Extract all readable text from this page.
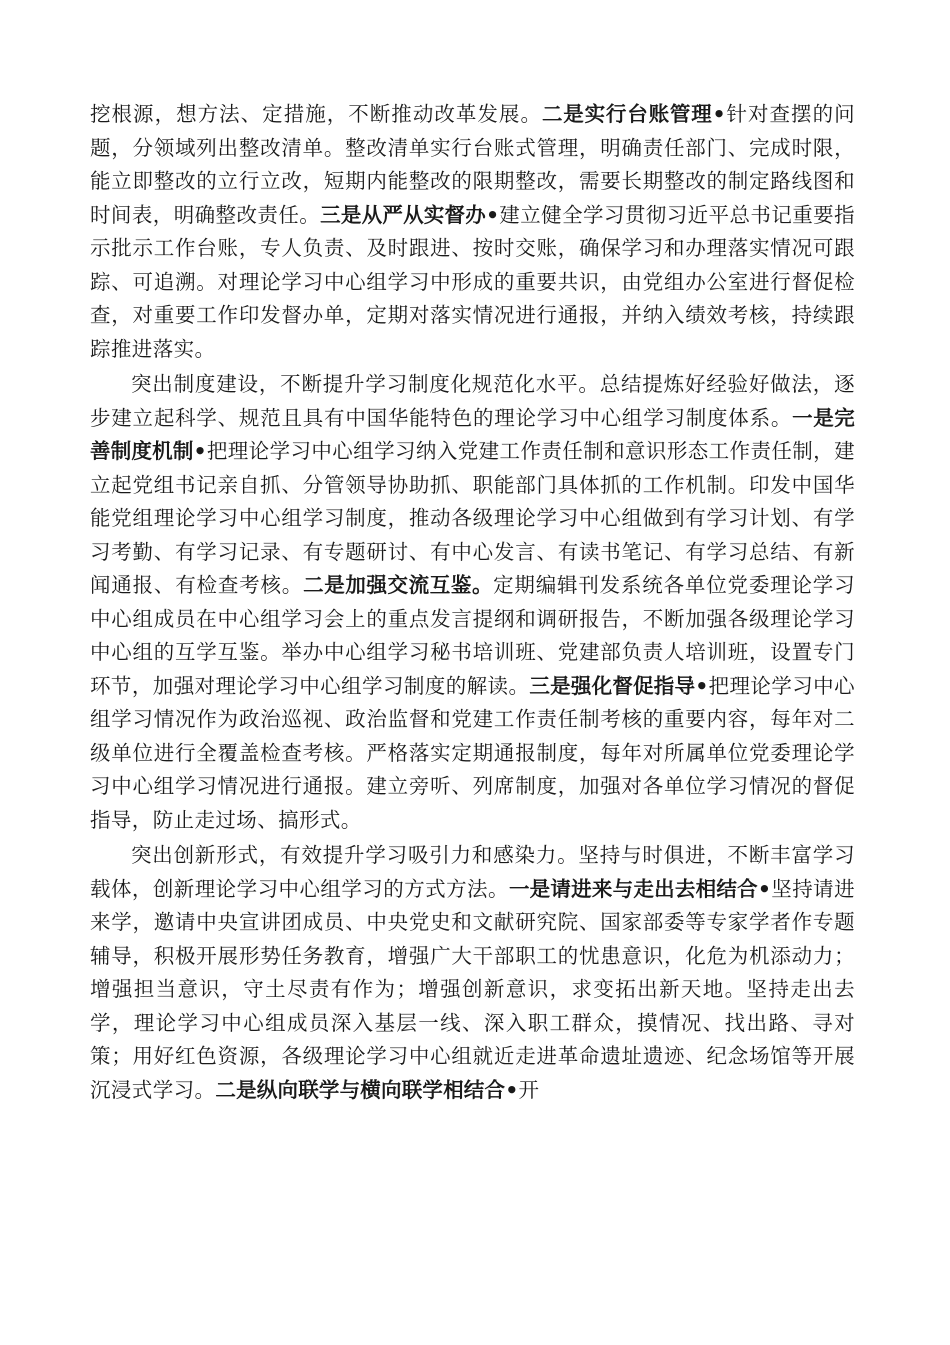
挖根源，想方法、定措施，不断推动改革发展。二是实行台账管理•针对查摆的问题，分领域列出整改清单。整改清单实行台账式管理，明确责任部门、完成时限，能立即整改的立行立改，短期内能整改的限期整改，需要长期整改的制定路线图和时间表，明确整改责任。三是从严从实督办•建立健全学习贯彻习近平总书记重要指示批示工作台账，专人负责、及时跟进、按时交账，确保学习和办理落实情况可跟踪、可追溯。对理论学习中心组学习中形成的重要共识，由党组办公室进行督促检查，对重要工作印发督办单，定期对落实情况进行通报，并纳入绩效考核，持续跟踪推进落实。

突出制度建设，不断提升学习制度化规范化水平。总结提炼好经验好做法，逐步建立起科学、规范且具有中国华能特色的理论学习中心组学习制度体系。一是完善制度机制•把理论学习中心组学习纳入党建工作责任制和意识形态工作责任制，建立起党组书记亲自抓、分管领导协助抓、职能部门具体抓的工作机制。印发中国华能党组理论学习中心组学习制度，推动各级理论学习中心组做到有学习计划、有学习考勤、有学习记录、有专题研讨、有中心发言、有读书笔记、有学习总结、有新闻通报、有检查考核。二是加强交流互鉴。定期编辑刊发系统各单位党委理论学习中心组成员在中心组学习会上的重点发言提纲和调研报告，不断加强各级理论学习中心组的互学互鉴。举办中心组学习秘书培训班、党建部负责人培训班，设置专门环节，加强对理论学习中心组学习制度的解读。三是强化督促指导•把理论学习中心组学习情况作为政治巡视、政治监督和党建工作责任制考核的重要内容，每年对二级单位进行全覆盖检查考核。严格落实定期通报制度，每年对所属单位党委理论学习中心组学习情况进行通报。建立旁听、列席制度，加强对各单位学习情况的督促指导，防止走过场、搞形式。

突出创新形式，有效提升学习吸引力和感染力。坚持与时俱进，不断丰富学习载体，创新理论学习中心组学习的方式方法。一是请进来与走出去相结合•坚持请进来学，邀请中央宣讲团成员、中央党史和文献研究院、国家部委等专家学者作专题辅导，积极开展形势任务教育，增强广大干部职工的忧患意识，化危为机添动力；增强担当意识，守土尽责有作为；增强创新意识，求变拓出新天地。坚持走出去学，理论学习中心组成员深入基层一线、深入职工群众，摸情况、找出路、寻对策；用好红色资源，各级理论学习中心组就近走进革命遗址遗迹、纪念场馆等开展沉浸式学习。二是纵向联学与横向联学相结合•开
